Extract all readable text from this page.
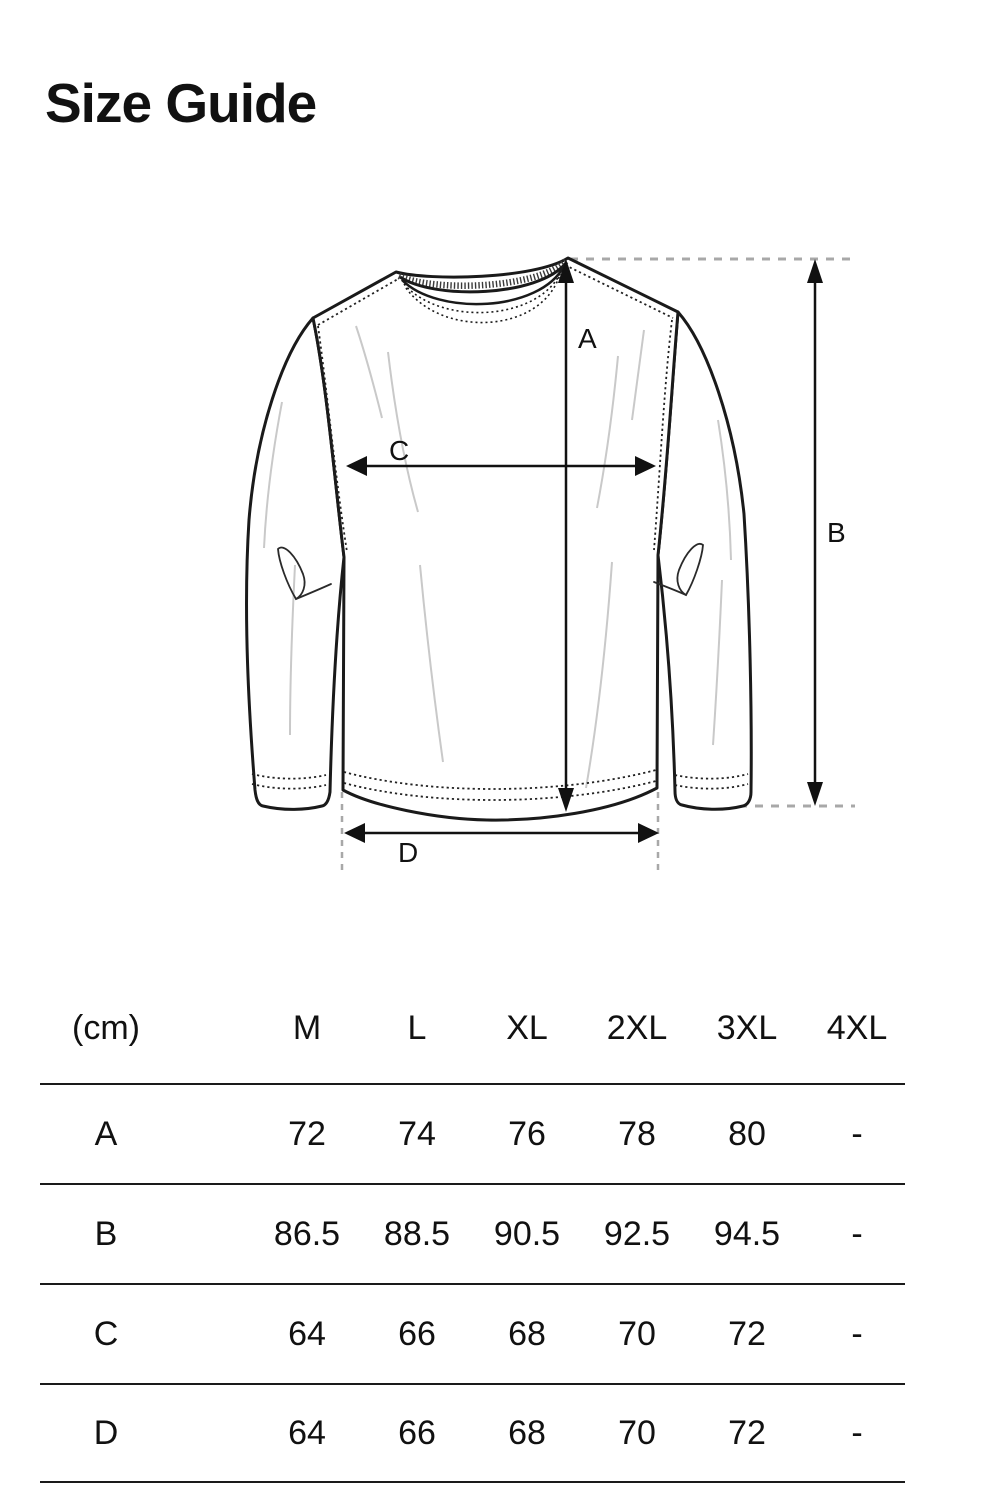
Size Guide
A
B
C
D
(cm)	M	L	XL	2XL	3XL	4XL
A	72	74	76	78	80	-
B	86.5	88.5	90.5	92.5	94.5	-
C	64	66	68	70	72	-
D	64	66	68	70	72	-
